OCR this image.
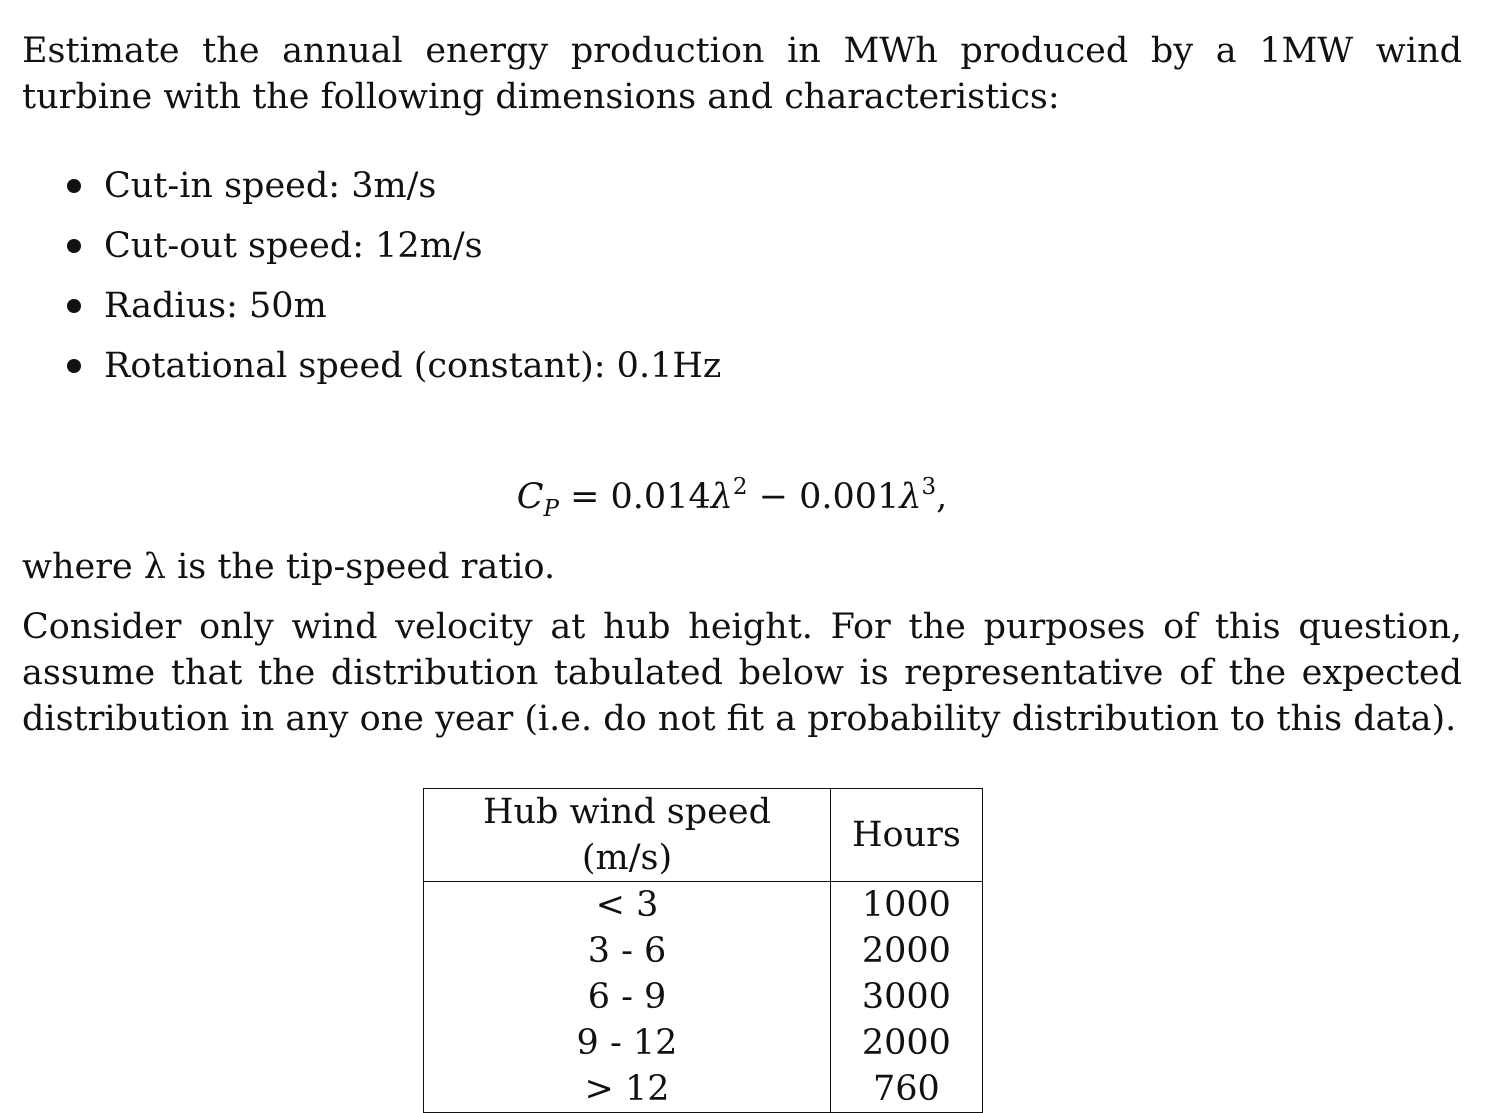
Estimate the annual energy production in MWh produced by a 1MW wind turbine with the following dimensions and characteristics:

Cut-in speed: 3m/s
Cut-out speed: 12m/s
Radius: 50m
Rotational speed (constant): 0.1Hz
$C_P = 0.014\lambda^2 - 0.001\lambda^3$,

where λ is the tip-speed ratio.

Consider only wind velocity at hub height. For the purposes of this question, assume that the distribution tabulated below is representative of the expected distribution in any one year (i.e. do not fit a probability distribution to this data).

Hub wind speed (m/s)	Hours
< 3	1000
3 - 6	2000
6 - 9	3000
9 - 12	2000
> 12	760
